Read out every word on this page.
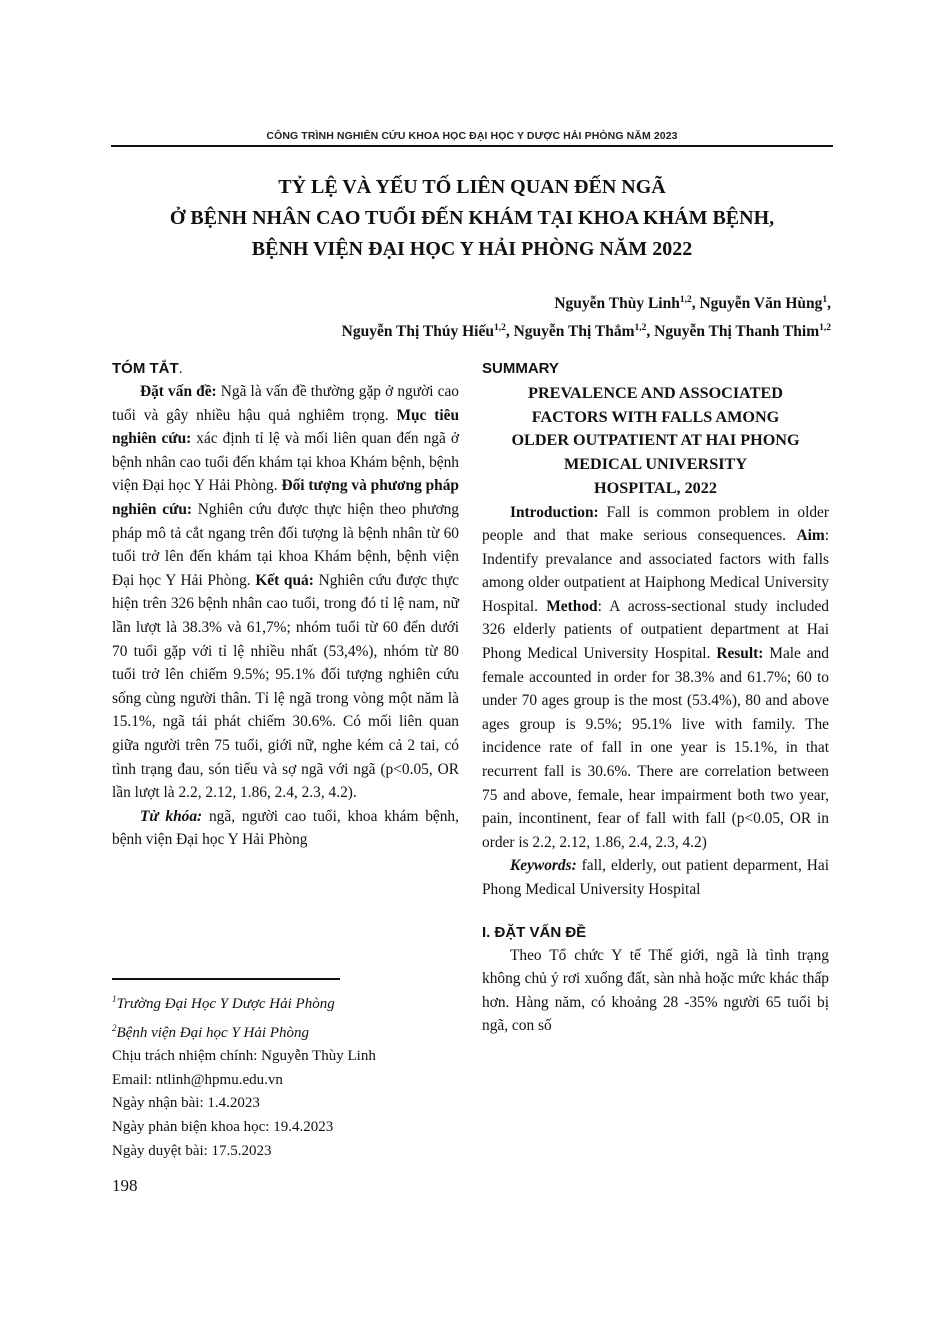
CÔNG TRÌNH NGHIÊN CỨU KHOA HỌC ĐẠI HỌC Y DƯỢC HẢI PHÒNG NĂM 2023
TỶ LỆ VÀ YẾU TỐ LIÊN QUAN ĐẾN NGÃ
Ở BỆNH NHÂN CAO TUỔI ĐẾN KHÁM TẠI KHOA KHÁM BỆNH,
BỆNH VIỆN ĐẠI HỌC Y HẢI PHÒNG NĂM 2022
Nguyễn Thùy Linh$^{1,2}$, Nguyễn Văn Hùng$^1$,
Nguyễn Thị Thúy Hiếu$^{1,2}$, Nguyễn Thị Thắm$^{1,2}$, Nguyễn Thị Thanh Thim$^{1,2}$

TÓM TẮT.

Đặt vấn đề: Ngã là vấn đề thường gặp ở người cao tuổi và gây nhiều hậu quả nghiêm trọng. Mục tiêu nghiên cứu: xác định tỉ lệ và mối liên quan đến ngã ở bệnh nhân cao tuổi đến khám tại khoa Khám bệnh, bệnh viện Đại học Y Hải Phòng. Đối tượng và phương pháp nghiên cứu: Nghiên cứu được thực hiện theo phương pháp mô tả cắt ngang trên đối tượng là bệnh nhân từ 60 tuổi trở lên đến khám tại khoa Khám bệnh, bệnh viện Đại học Y Hải Phòng. Kết quả: Nghiên cứu được thực hiện trên 326 bệnh nhân cao tuổi, trong đó tỉ lệ nam, nữ lần lượt là 38.3% và 61,7%; nhóm tuổi từ 60 đến dưới 70 tuổi gặp với tỉ lệ nhiều nhất (53,4%), nhóm từ 80 tuổi trở lên chiếm 9.5%; 95.1% đối tượng nghiên cứu sống cùng người thân. Tỉ lệ ngã trong vòng một năm là 15.1%, ngã tái phát chiếm 30.6%. Có mối liên quan giữa người trên 75 tuổi, giới nữ, nghe kém cả 2 tai, có tình trạng đau, són tiểu và sợ ngã với ngã (p<0.05, OR lần lượt là 2.2, 2.12, 1.86, 2.4, 2.3, 4.2).

Từ khóa: ngã, người cao tuổi, khoa khám bệnh, bệnh viện Đại học Y Hải Phòng

$^1$Trường Đại Học Y Dược Hải Phòng
$^2$Bệnh viện Đại học Y Hải Phòng
Chịu trách nhiệm chính: Nguyễn Thùy Linh
Email: ntlinh@hpmu.edu.vn
Ngày nhận bài: 1.4.2023
Ngày phản biện khoa học: 19.4.2023
Ngày duyệt bài: 17.5.2023
198

SUMMARY

PREVALENCE AND ASSOCIATED
FACTORS WITH FALLS AMONG
OLDER OUTPATIENT AT HAI PHONG
MEDICAL UNIVERSITY
HOSPITAL, 2022

Introduction: Fall is common problem in older people and that make serious consequences. Aim: Indentify prevalance and associated factors with falls among older outpatient at Haiphong Medical University Hospital. Method: A across-sectional study included 326 elderly patients of outpatient department at Hai Phong Medical University Hospital. Result: Male and female accounted in order for 38.3% and 61.7%; 60 to under 70 ages group is the most (53.4%), 80 and above ages group is 9.5%; 95.1% live with family. The incidence rate of fall in one year is 15.1%, in that recurrent fall is 30.6%. There are correlation between 75 and above, female, hear impairment both two year, pain, incontinent, fear of fall with fall (p<0.05, OR in order is 2.2, 2.12, 1.86, 2.4, 2.3, 4.2)

Keywords: fall, elderly, out patient deparment, Hai Phong Medical University Hospital

I. ĐẶT VẤN ĐỀ

Theo Tổ chức Y tế Thế giới, ngã là tình trạng không chủ ý rơi xuống đất, sàn nhà hoặc mức khác thấp hơn. Hàng năm, có khoảng 28 -35% người 65 tuổi bị ngã, con số
